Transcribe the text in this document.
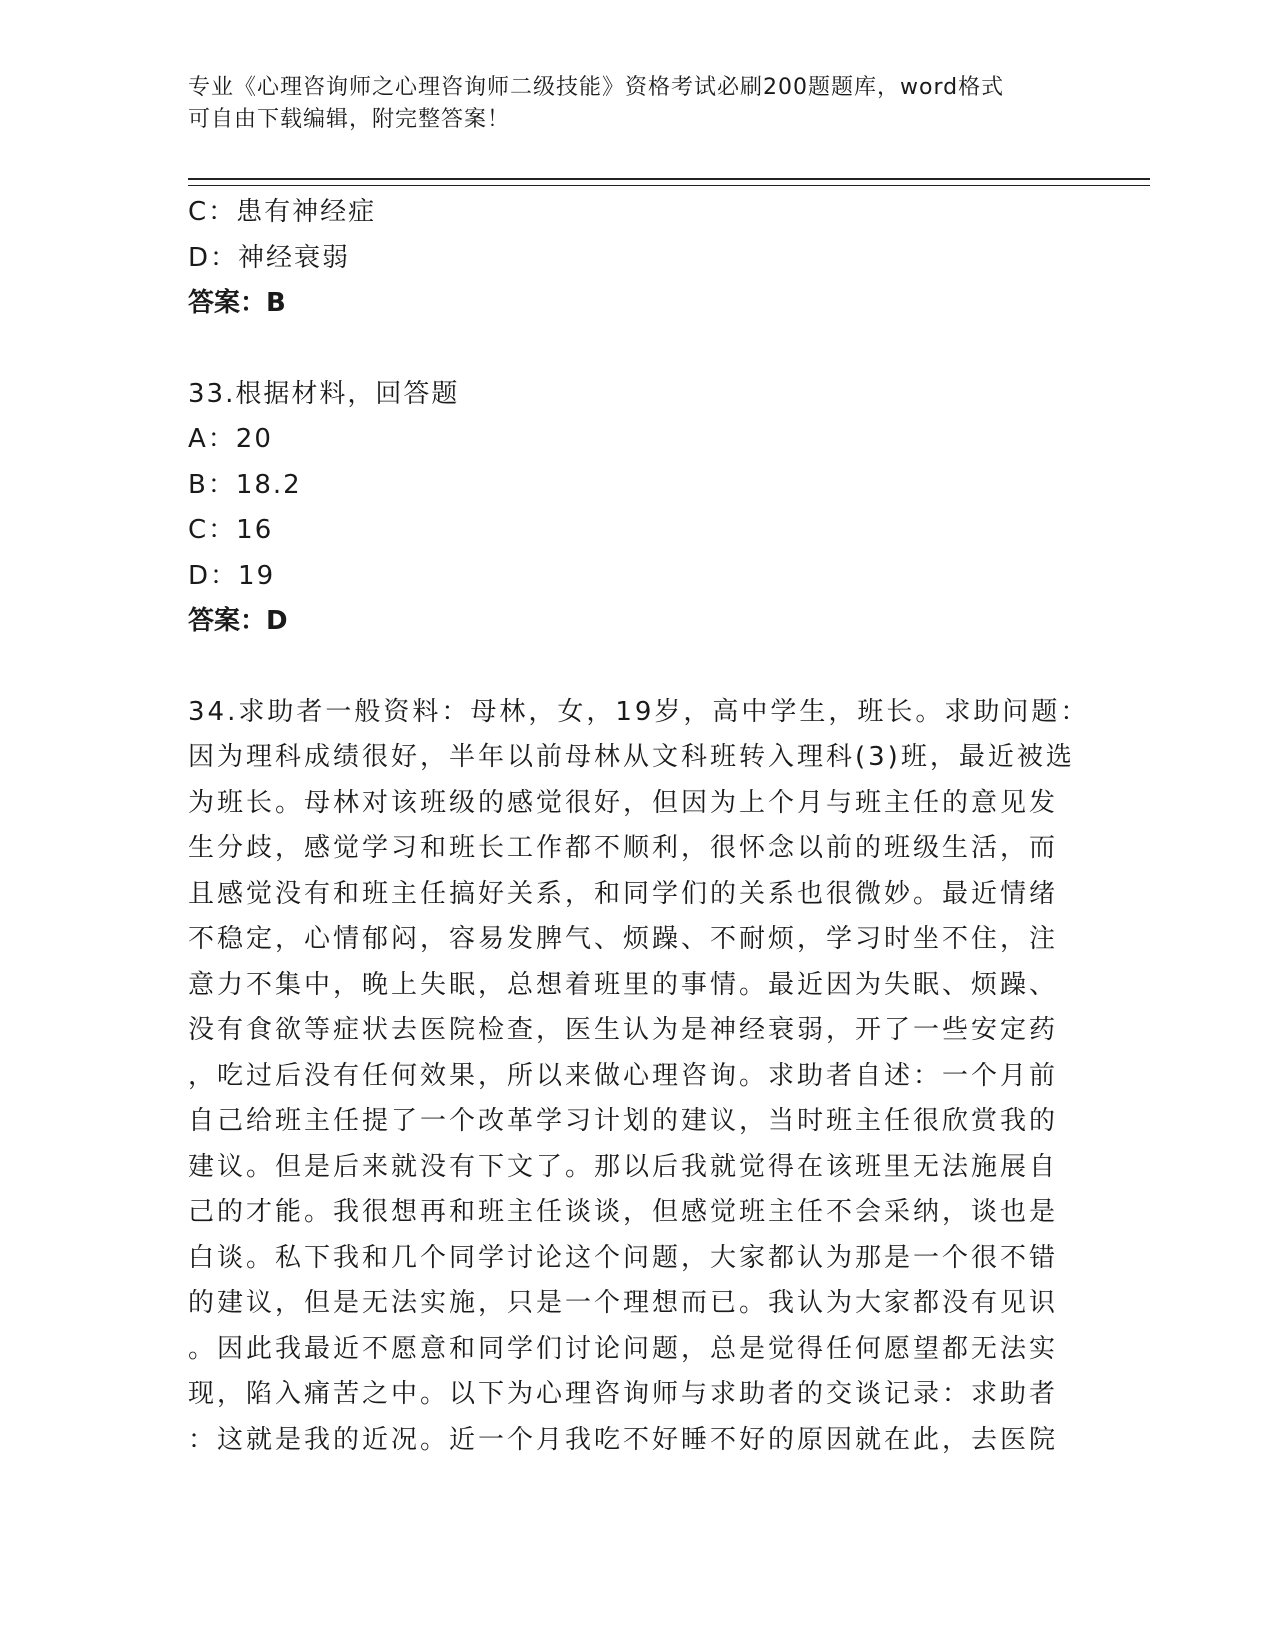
专业《心理咨询师之心理咨询师二级技能》资格考试必刷200题题库，word格式
可自由下载编辑，附完整答案！
C：患有神经症
D：神经衰弱
答案：B
33.根据材料，回答题
A：20
B：18.2
C：16
D：19
答案：D
34.求助者一般资料：母林，女，19岁，高中学生，班长。求助问题：
因为理科成绩很好，半年以前母林从文科班转入理科(3)班，最近被选
为班长。母林对该班级的感觉很好，但因为上个月与班主任的意见发
生分歧，感觉学习和班长工作都不顺利，很怀念以前的班级生活，而
且感觉没有和班主任搞好关系，和同学们的关系也很微妙。最近情绪
不稳定，心情郁闷，容易发脾气、烦躁、不耐烦，学习时坐不住，注
意力不集中，晚上失眠，总想着班里的事情。最近因为失眠、烦躁、
没有食欲等症状去医院检查，医生认为是神经衰弱，开了一些安定药
，吃过后没有任何效果，所以来做心理咨询。求助者自述：一个月前
自己给班主任提了一个改革学习计划的建议，当时班主任很欣赏我的
建议。但是后来就没有下文了。那以后我就觉得在该班里无法施展自
己的才能。我很想再和班主任谈谈，但感觉班主任不会采纳，谈也是
白谈。私下我和几个同学讨论这个问题，大家都认为那是一个很不错
的建议，但是无法实施，只是一个理想而已。我认为大家都没有见识
。因此我最近不愿意和同学们讨论问题，总是觉得任何愿望都无法实
现，陷入痛苦之中。以下为心理咨询师与求助者的交谈记录：求助者
：这就是我的近况。近一个月我吃不好睡不好的原因就在此，去医院
